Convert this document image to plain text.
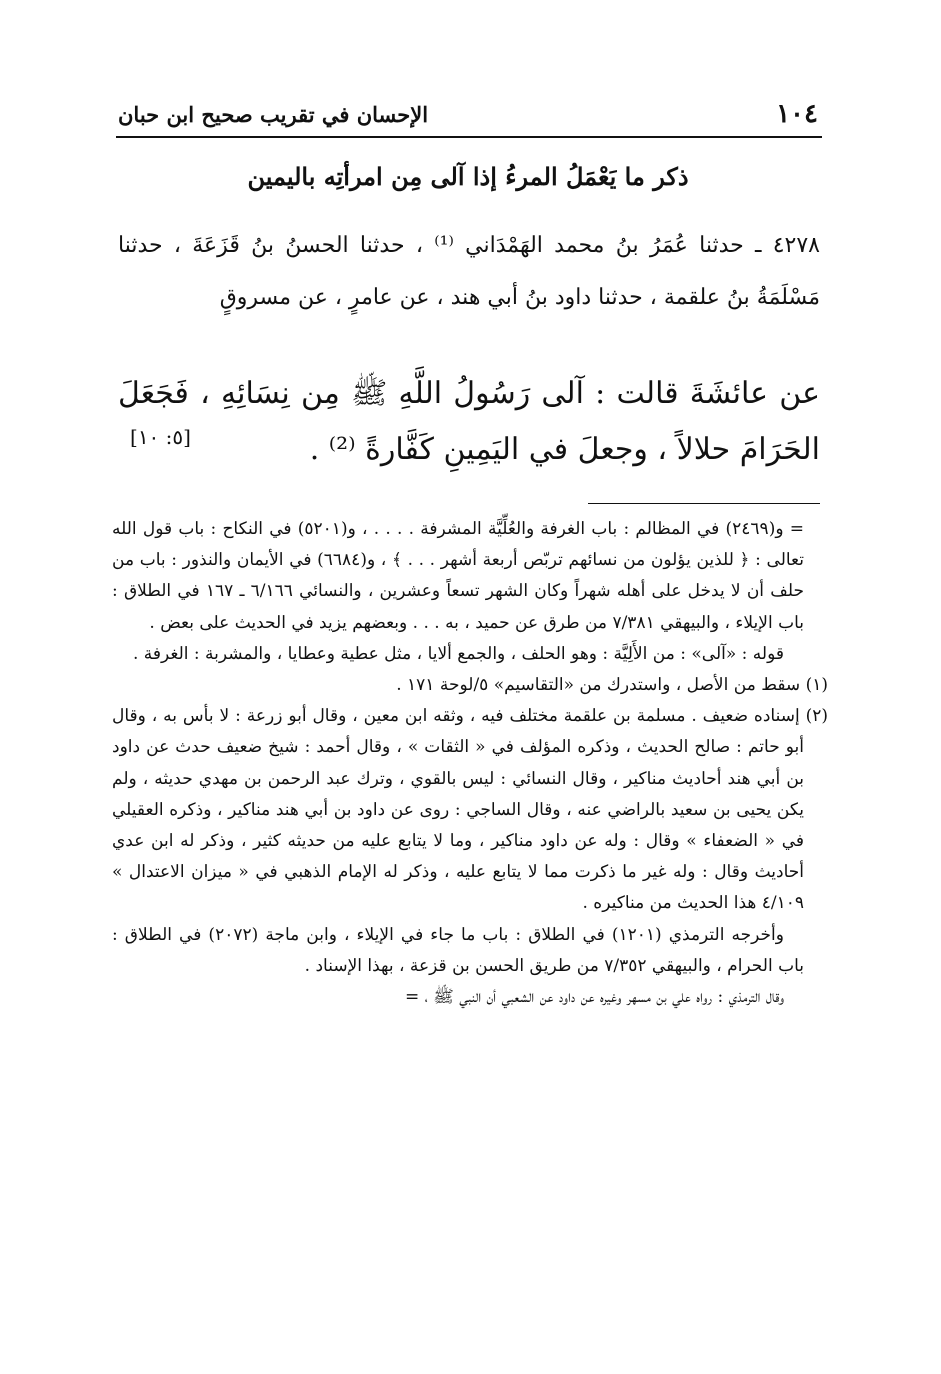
١٠٤
الإحسان في تقريب صحيح ابن حبان
ذكر ما يَعْمَلُ المرءُ إذا آلى مِن امرأتِه باليمين
٤٢٧٨ ـ حدثنا عُمَرُ بنُ محمد الهَمْدَاني ⁽¹⁾ ، حدثنا الحسنُ بنُ قَزَعَةَ ، حدثنا مَسْلَمَةُ بنُ علقمة ، حدثنا داود بنُ أبي هند ، عن عامرٍ ، عن مسروقٍ
عن عائشَةَ قالت : آلى رَسُولُ اللَّهِ ﷺ مِن نِسَائِهِ ، فَجَعَلَ الحَرَامَ حلالاً ، وجعلَ في اليَمِينِ كَفَّارةً ⁽²⁾ .
[٥: ١٠]

= و(٢٤٦٩) في المظالم : باب الغرفة والعُلِّيَّة المشرفة . . . . ، و(٥٢٠١) في النكاح : باب قول الله تعالى : ﴿ للذين يؤلون من نسائهم تربّص أربعة أشهر . . . ﴾ ، و(٦٦٨٤) في الأيمان والنذور : باب من حلف أن لا يدخل على أهله شهراً وكان الشهر تسعاً وعشرين ، والنسائي ٦/١٦٦ ـ ١٦٧ في الطلاق : باب الإيلاء ، والبيهقي ٧/٣٨١ من طرق عن حميد ، به . . . وبعضهم يزيد في الحديث على بعض .

قوله : «آلى» : من الأَلِيَّة : وهو الحلف ، والجمع ألايا ، مثل عطية وعطايا ، والمشربة : الغرفة .

(١) سقط من الأصل ، واستدرك من «التقاسيم» ٥/لوحة ١٧١ .

(٢) إسناده ضعيف . مسلمة بن علقمة مختلف فيه ، وثقه ابن معين ، وقال أبو زرعة : لا بأس به ، وقال أبو حاتم : صالح الحديث ، وذكره المؤلف في « الثقات » ، وقال أحمد : شيخ ضعيف حدث عن داود بن أبي هند أحاديث مناكير ، وقال النسائي : ليس بالقوي ، وترك عبد الرحمن بن مهدي حديثه ، ولم يكن يحيى بن سعيد بالراضي عنه ، وقال الساجي : روى عن داود بن أبي هند مناكير ، وذكره العقيلي في « الضعفاء » وقال : وله عن داود مناكير ، وما لا يتابع عليه من حديثه كثير ، وذكر له ابن عدي أحاديث وقال : وله غير ما ذكرت مما لا يتابع عليه ، وذكر له الإمام الذهبي في « ميزان الاعتدال » ٤/١٠٩ هذا الحديث من مناكيره .

وأخرجه الترمذي (١٢٠١) في الطلاق : باب ما جاء في الإيلاء ، وابن ماجة (٢٠٧٢) في الطلاق : باب الحرام ، والبيهقي ٧/٣٥٢ من طريق الحسن بن قزعة ، بهذا الإسناد .

وقال الترمذي : رواه علي بن مسهر وغيره عن داود عن الشعبي أن النبي ﷺ ، =
